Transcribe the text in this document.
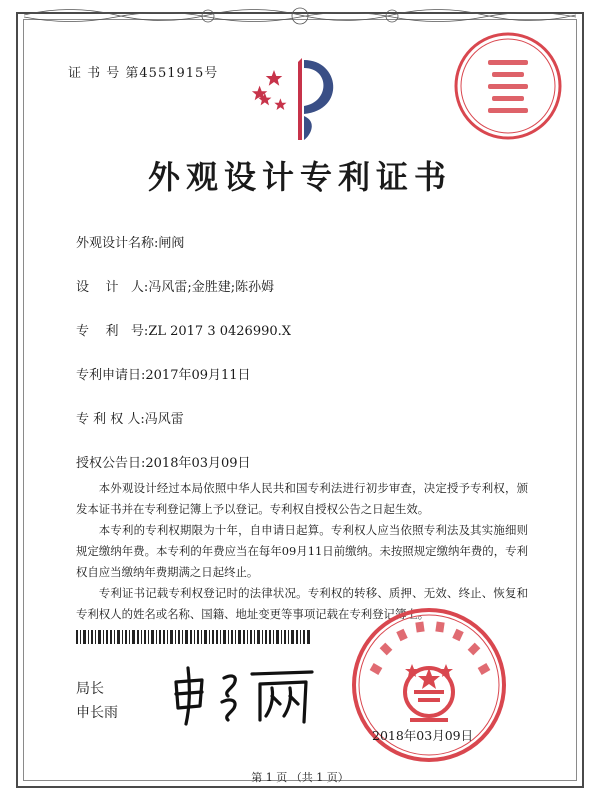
证 书 号 第4551915号
外观设计专利证书
外观设计名称:闸阀
设    计   人:冯风雷;金胜建;陈孙姆
专    利   号:ZL 2017 3 0426990.X
专利申请日:2017年09月11日
专 利 权 人:冯风雷
授权公告日:2018年03月09日

本外观设计经过本局依照中华人民共和国专利法进行初步审查，决定授予专利权，颁发本证书并在专利登记簿上予以登记。专利权自授权公告之日起生效。

本专利的专利权期限为十年，自申请日起算。专利权人应当依照专利法及其实施细则规定缴纳年费。本专利的年费应当在每年09月11日前缴纳。未按照规定缴纳年费的，专利权自应当缴纳年费期满之日起终止。

专利证书记载专利权登记时的法律状况。专利权的转移、质押、无效、终止、恢复和专利权人的姓名或名称、国籍、地址变更等事项记载在专利登记簿上。

局长
申长雨
2018年03月09日
第 1 页 （共 1 页）
